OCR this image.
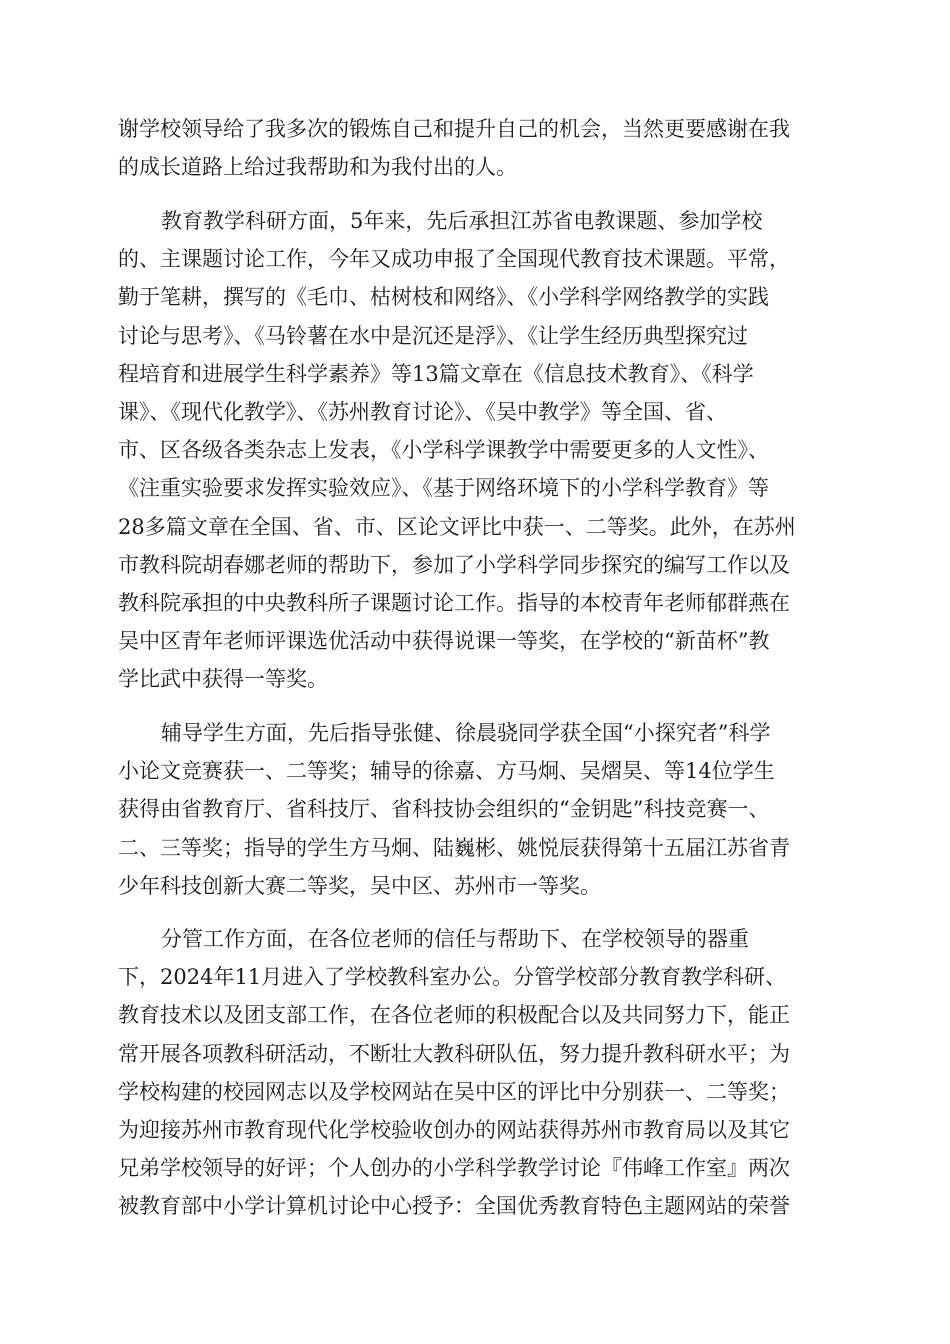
谢学校领导给了我多次的锻炼自己和提升自己的机会，当然更要感谢在我
的成长道路上给过我帮助和为我付出的人。
教育教学科研方面，5年来，先后承担江苏省电教课题、参加学校
的、主课题讨论工作，今年又成功申报了全国现代教育技术课题。平常，
勤于笔耕，撰写的《毛巾、枯树枝和网络》、《小学科学网络教学的实践
讨论与思考》、《马铃薯在水中是沉还是浮》、《让学生经历典型探究过
程培育和进展学生科学素养》等13篇文章在《信息技术教育》、《科学
课》、《现代化教学》、《苏州教育讨论》、《吴中教学》等全国、省、
市、区各级各类杂志上发表，《小学科学课教学中需要更多的人文性》、
《注重实验要求发挥实验效应》、《基于网络环境下的小学科学教育》等
28多篇文章在全国、省、市、区论文评比中获一、二等奖。此外，在苏州
市教科院胡春娜老师的帮助下，参加了小学科学同步探究的编写工作以及
教科院承担的中央教科所子课题讨论工作。指导的本校青年老师郁群燕在
吴中区青年老师评课选优活动中获得说课一等奖，在学校的“新苗杯”教
学比武中获得一等奖。
辅导学生方面，先后指导张健、徐晨骁同学获全国“小探究者”科学
小论文竞赛获一、二等奖；辅导的徐嘉、方马炯、吴熠昊、等14位学生
获得由省教育厅、省科技厅、省科技协会组织的“金钥匙”科技竞赛一、
二、三等奖；指导的学生方马炯、陆巍彬、姚悦辰获得第十五届江苏省青
少年科技创新大赛二等奖，吴中区、苏州市一等奖。
分管工作方面，在各位老师的信任与帮助下、在学校领导的器重
下，2024年11月进入了学校教科室办公。分管学校部分教育教学科研、
教育技术以及团支部工作，在各位老师的积极配合以及共同努力下，能正
常开展各项教科研活动，不断壮大教科研队伍，努力提升教科研水平；为
学校构建的校园网志以及学校网站在吴中区的评比中分别获一、二等奖；
为迎接苏州市教育现代化学校验收创办的网站获得苏州市教育局以及其它
兄弟学校领导的好评；个人创办的小学科学教学讨论『伟峰工作室』两次
被教育部中小学计算机讨论中心授予：全国优秀教育特色主题网站的荣誉
